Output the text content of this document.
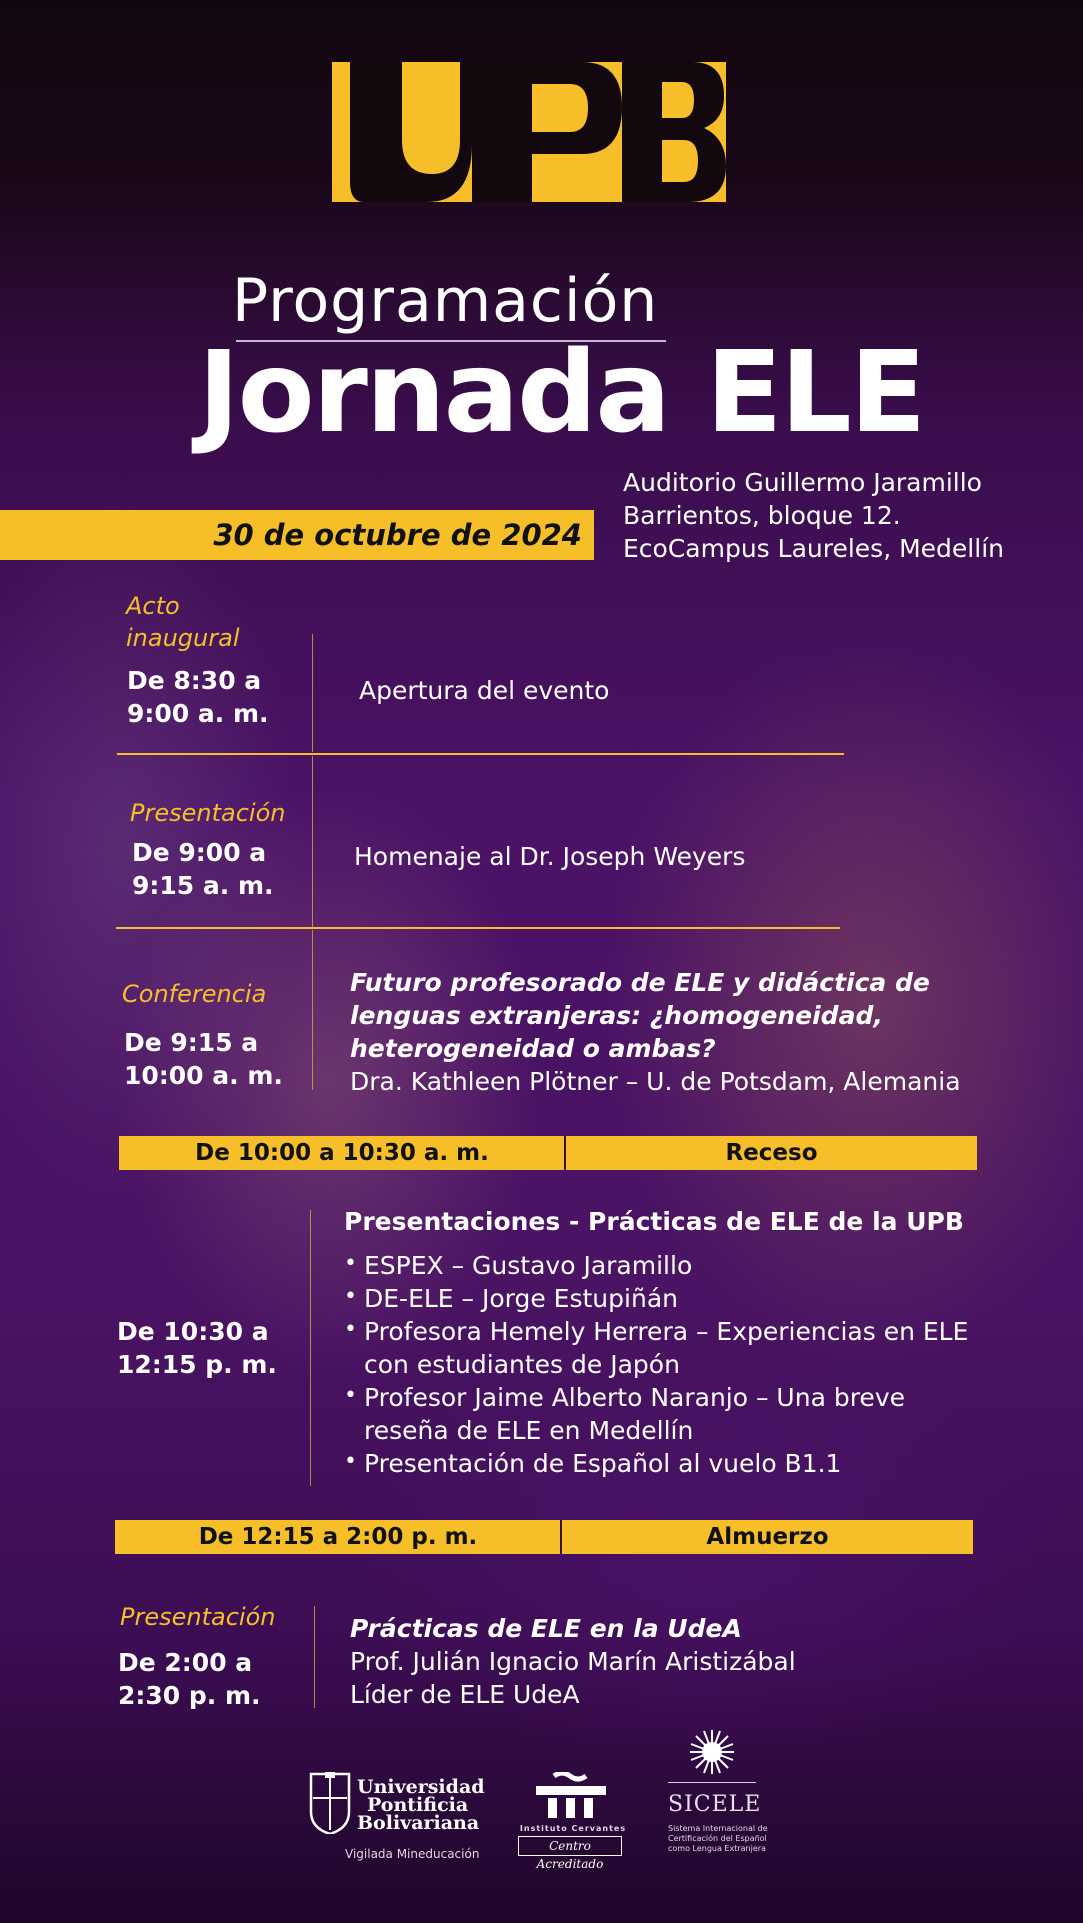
Programación
Jornada ELE
30 de octubre de 2024
Auditorio Guillermo Jaramillo
Barrientos, bloque 12.
EcoCampus Laureles, Medellín
Acto
inaugural
De 8:30 a
9:00 a. m.
Apertura del evento
Presentación
De 9:00 a
9:15 a. m.
Homenaje al Dr. Joseph Weyers
Conferencia
De 9:15 a
10:00 a. m.
Futuro profesorado de ELE y didáctica de
lenguas extranjeras: ¿homogeneidad,
heterogeneidad o ambas?
Dra. Kathleen Plötner – U. de Potsdam, Alemania
De 10:00 a 10:30 a. m.	Receso
De 10:30 a
12:15 p. m.
Presentaciones - Prácticas de ELE de la UPB
• ESPEX – Gustavo Jaramillo
• DE-ELE – Jorge Estupiñán
• Profesora Hemely Herrera – Experiencias en ELE
con estudiantes de Japón
• Profesor Jaime Alberto Naranjo – Una breve
reseña de ELE en Medellín
• Presentación de Español al vuelo B1.1
De 12:15 a 2:00 p. m.	Almuerzo
Presentación
De 2:00 a
2:30 p. m.
Prácticas de ELE en la UdeA
Prof. Julián Ignacio Marín Aristizábal
Líder de ELE UdeA
Universidad
Pontificia
Bolivariana
Vigilada Mineducación
Instituto Cervantes
Centro Acreditado
SICELE
Sistema Internacional de
Certificación del Español
como Lengua Extranjera
